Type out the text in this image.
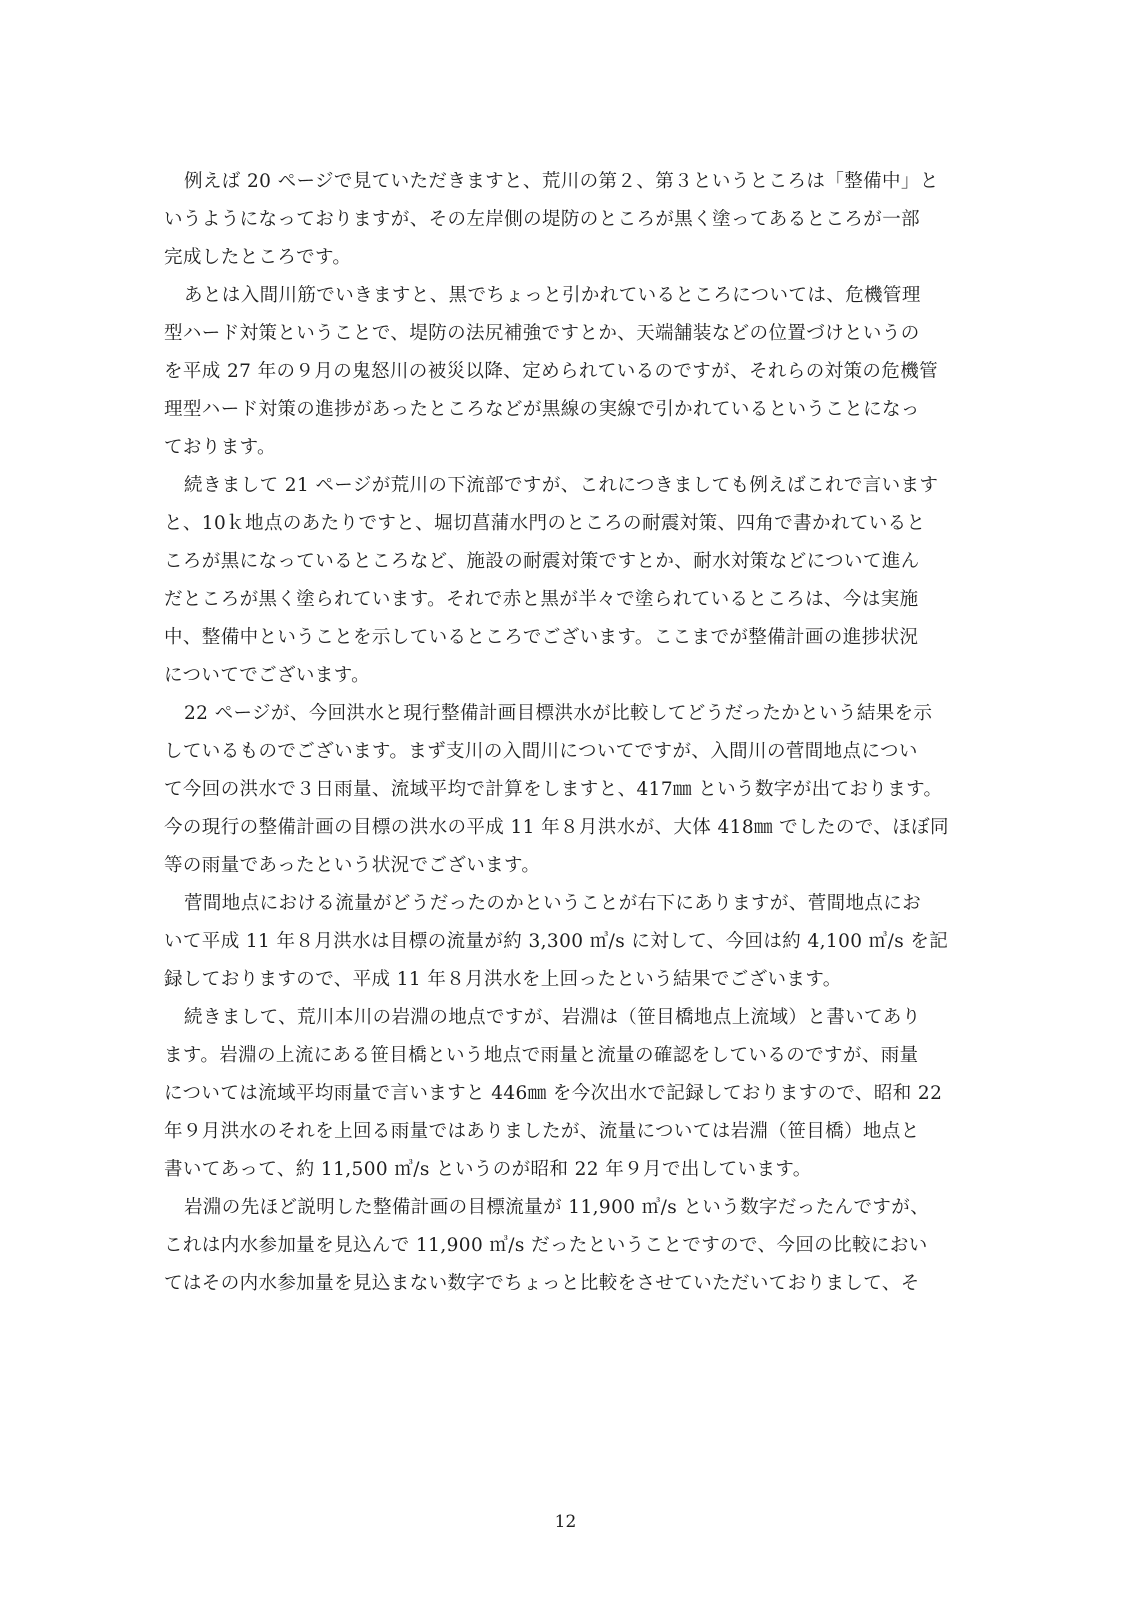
例えば 20 ページで見ていただきますと、荒川の第２、第３というところは「整備中」と
いうようになっておりますが、その左岸側の堤防のところが黒く塗ってあるところが一部
完成したところです。
あとは入間川筋でいきますと、黒でちょっと引かれているところについては、危機管理
型ハード対策ということで、堤防の法尻補強ですとか、天端舗装などの位置づけというの
を平成 27 年の９月の鬼怒川の被災以降、定められているのですが、それらの対策の危機管
理型ハード対策の進捗があったところなどが黒線の実線で引かれているということになっ
ております。
続きまして 21 ページが荒川の下流部ですが、これにつきましても例えばこれで言います
と、10ｋ地点のあたりですと、堀切菖蒲水門のところの耐震対策、四角で書かれていると
ころが黒になっているところなど、施設の耐震対策ですとか、耐水対策などについて進ん
だところが黒く塗られています。それで赤と黒が半々で塗られているところは、今は実施
中、整備中ということを示しているところでございます。ここまでが整備計画の進捗状況
についてでございます。
22 ページが、今回洪水と現行整備計画目標洪水が比較してどうだったかという結果を示
しているものでございます。まず支川の入間川についてですが、入間川の菅間地点につい
て今回の洪水で３日雨量、流域平均で計算をしますと、417㎜ という数字が出ております。
今の現行の整備計画の目標の洪水の平成 11 年８月洪水が、大体 418㎜ でしたので、ほぼ同
等の雨量であったという状況でございます。
菅間地点における流量がどうだったのかということが右下にありますが、菅間地点にお
いて平成 11 年８月洪水は目標の流量が約 3,300 ㎥/s に対して、今回は約 4,100 ㎥/s を記
録しておりますので、平成 11 年８月洪水を上回ったという結果でございます。
続きまして、荒川本川の岩淵の地点ですが、岩淵は（笹目橋地点上流域）と書いてあり
ます。岩淵の上流にある笹目橋という地点で雨量と流量の確認をしているのですが、雨量
については流域平均雨量で言いますと 446㎜ を今次出水で記録しておりますので、昭和 22
年９月洪水のそれを上回る雨量ではありましたが、流量については岩淵（笹目橋）地点と
書いてあって、約 11,500 ㎥/s というのが昭和 22 年９月で出しています。
岩淵の先ほど説明した整備計画の目標流量が 11,900 ㎥/s という数字だったんですが、
これは内水参加量を見込んで 11,900 ㎥/s だったということですので、今回の比較におい
てはその内水参加量を見込まない数字でちょっと比較をさせていただいておりまして、そ
12
